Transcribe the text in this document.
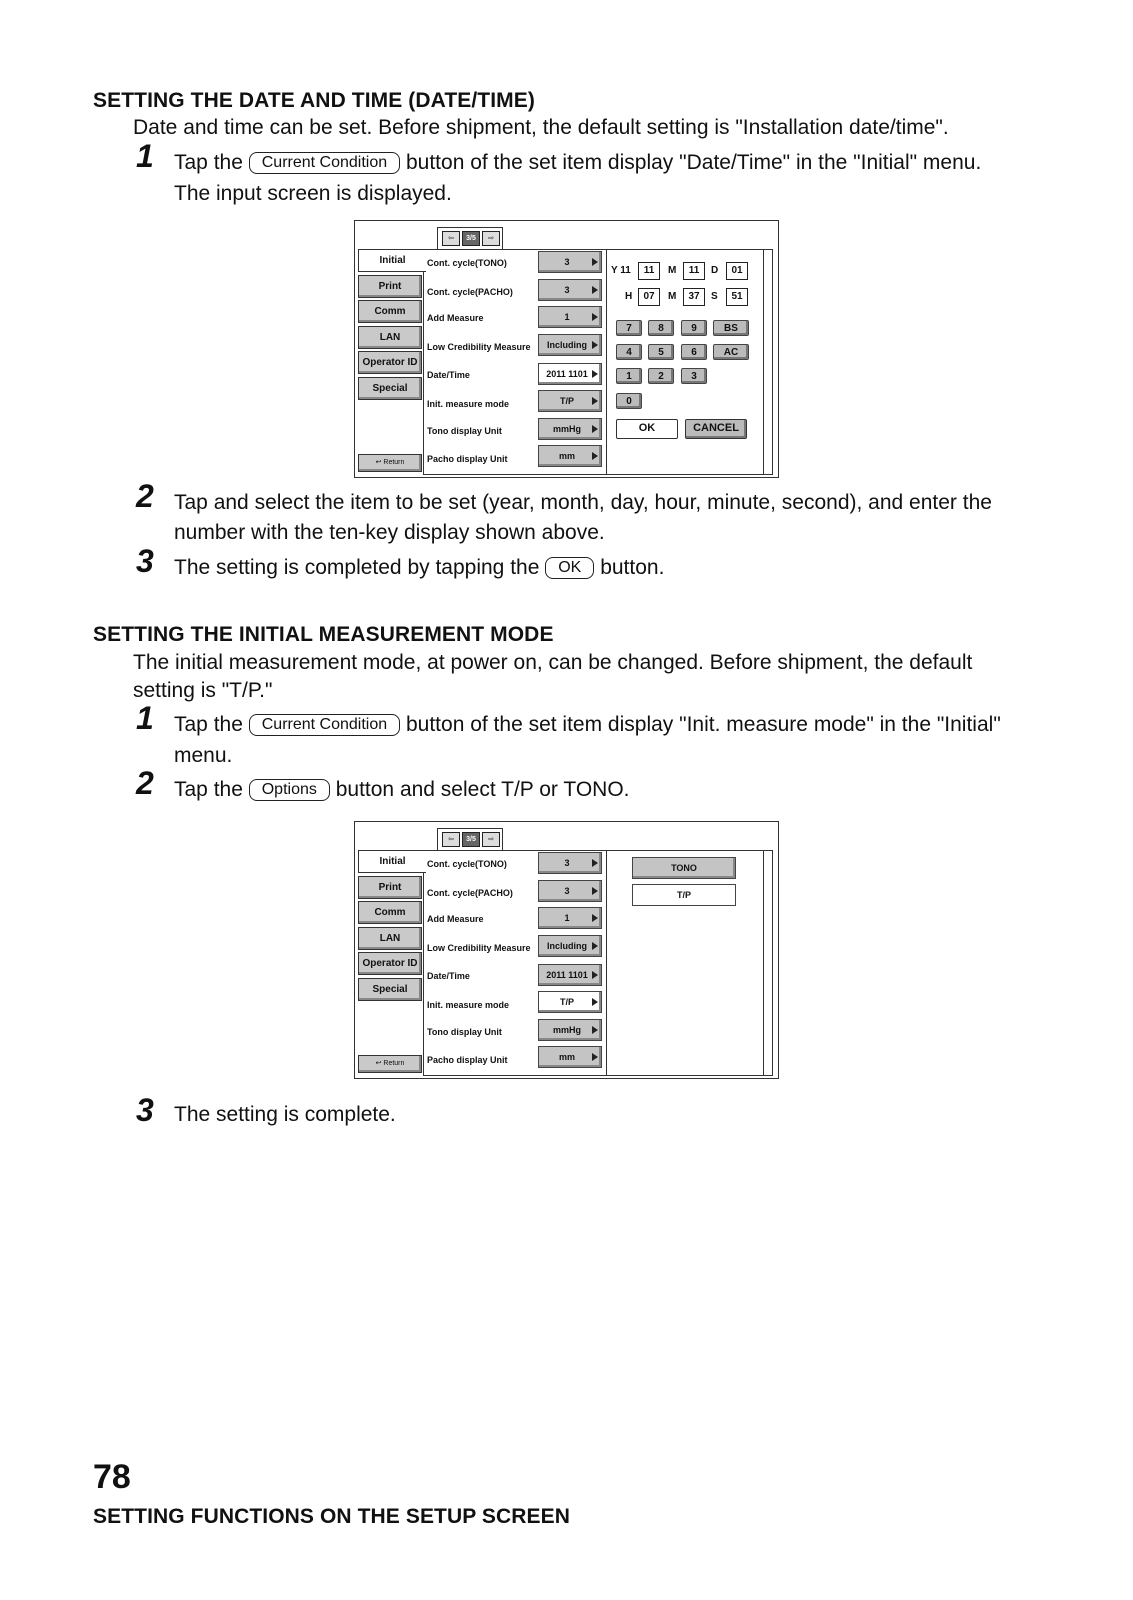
SETTING THE DATE AND TIME (DATE/TIME)
Date and time can be set. Before shipment, the default setting is "Installation date/time".
1 Tap the Current Condition button of the set item display "Date/Time" in the "Initial" menu.
The input screen is displayed.
⇦	3/5	⇨
Initial
Print
Comm
LAN
Operator ID
Special
↩ Return
Cont. cycle(TONO)	3
Cont. cycle(PACHO)	3
Add Measure	1
Low Credibility Measure	Including
Date/Time	2011 1101
Init. measure mode	T/P
Tono display Unit	mmHg
Pacho display Unit	mm
Y 11	11	M	11	D	01
H	07	M	37	S	51
7	8	9	BS
4	5	6	AC
1	2	3
0
OK	CANCEL
2 Tap and select the item to be set (year, month, day, hour, minute, second), and enter the
number with the ten-key display shown above.
3 The setting is completed by tapping the OK button.
SETTING THE INITIAL MEASUREMENT MODE
The initial measurement mode, at power on, can be changed. Before shipment, the default
setting is "T/P."
1 Tap the Current Condition button of the set item display "Init. measure mode" in the "Initial"
menu.
2 Tap the Options button and select T/P or TONO.
⇦	3/5	⇨
Initial
Print
Comm
LAN
Operator ID
Special
↩ Return
Cont. cycle(TONO)	3
Cont. cycle(PACHO)	3
Add Measure	1
Low Credibility Measure	Including
Date/Time	2011 1101
Init. measure mode	T/P
Tono display Unit	mmHg
Pacho display Unit	mm
TONO
T/P
3 The setting is complete.
78
SETTING FUNCTIONS ON THE SETUP SCREEN
